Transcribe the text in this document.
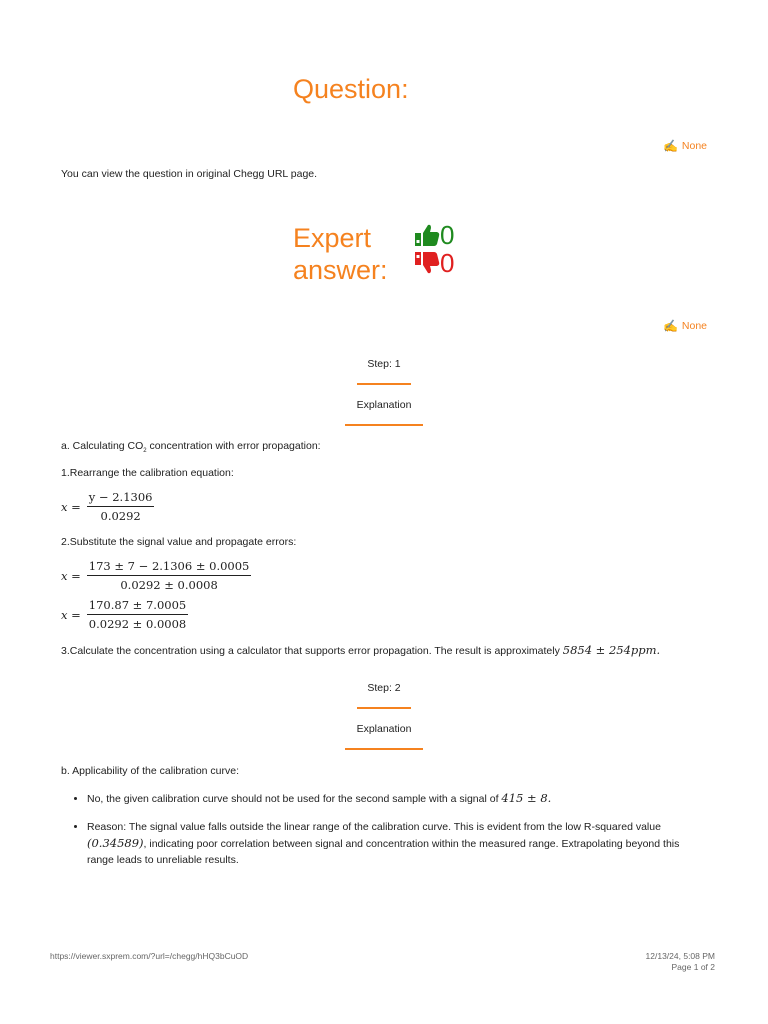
Question:
✍ None
You can view the question in original Chegg URL page.
Expert
answer:
0
0
✍ None
Step: 1
Explanation
a. Calculating $CO_2$ concentration with error propagation:
1.Rearrange the calibration equation:
$x = \frac{y - 2.1306}{0.0292}$
2.Substitute the signal value and propagate errors:
$x = \frac{173 \pm 7 - 2.1306 \pm 0.0005}{0.0292 \pm 0.0008}$
$x = \frac{170.87 \pm 7.0005}{0.0292 \pm 0.0008}$
3.Calculate the concentration using a calculator that supports error propagation. The result is approximately 5854 ± 254ppm.
Step: 2
Explanation
b. Applicability of the calibration curve:
• No, the given calibration curve should not be used for the second sample with a signal of 415 ± 8.
• Reason: The signal value falls outside the linear range of the calibration curve. This is evident from the low R-squared value (0.34589), indicating poor correlation between signal and concentration within the measured range. Extrapolating beyond this range leads to unreliable results.
https://viewer.sxprem.com/?url=/chegg/hHQ3bCuOD	12/13/24, 5:08 PM
Page 1 of 2
